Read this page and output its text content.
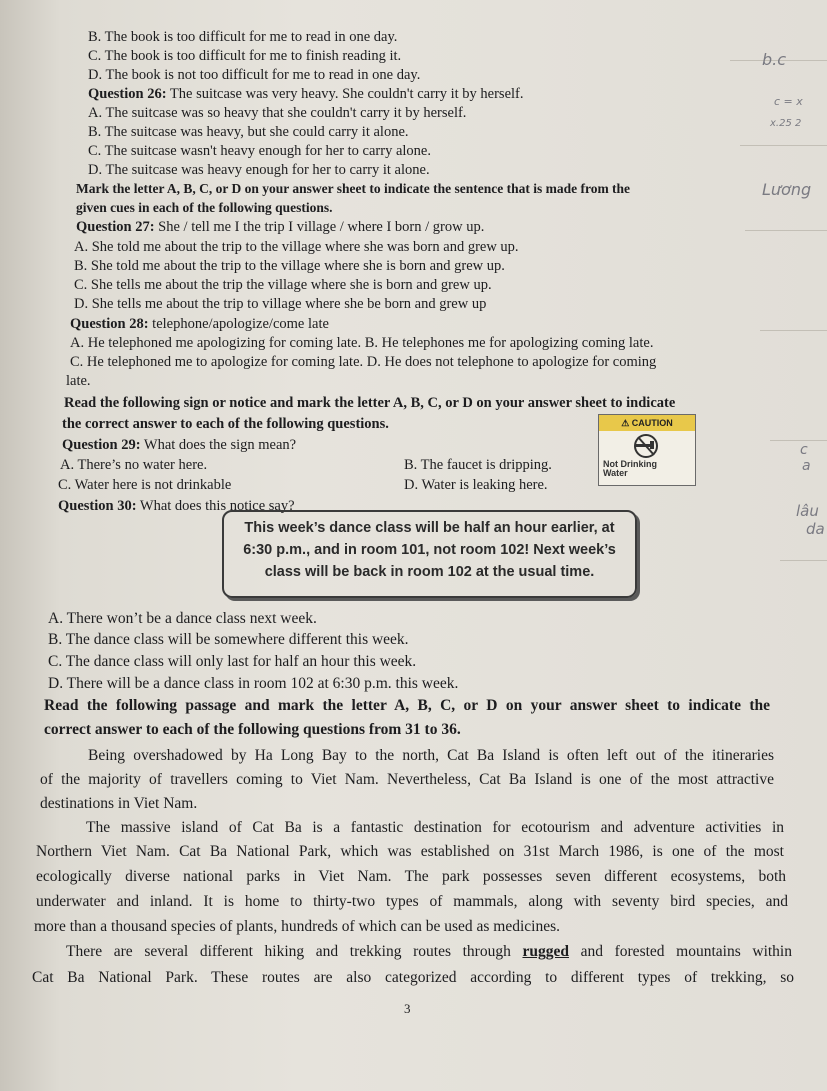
b.c
c = x
x.25 2
Lương
c
a
lâu
da
B. The book is too difficult for me to read in one day.
C. The book is too difficult for me to finish reading it.
D. The book is not too difficult for me to read in one day.
Question 26: The suitcase was very heavy. She couldn't carry it by herself.
A. The suitcase was so heavy that she couldn't carry it by herself.
B. The suitcase was heavy, but she could carry it alone.
C. The suitcase wasn't heavy enough for her to carry alone.
D. The suitcase was heavy enough for her to carry it alone.
Mark the letter A, B, C, or D on your answer sheet to indicate the sentence that is made from the
given cues in each of the following questions.
Question 27: She / tell me I the trip I village / where I born / grow up.
A. She told me about the trip to the village where she was born and grew up.
B. She told me about the trip to the village where she is born and grew up.
C. She tells me about the trip the village where she is born and grew up.
D. She tells me about the trip to village where she be born and grew up
Question 28: telephone/apologize/come late
A. He telephoned me apologizing for coming late. B. He telephones me for apologizing coming late.
C. He telephoned me to apologize for coming late. D. He does not telephone to apologize for coming
late.
Read the following sign or notice and mark the letter A, B, C, or D on your answer sheet to indicate
the correct answer to each of the following questions.
Question 29: What does the sign mean?
A. There’s no water here.	B. The faucet is dripping.
C. Water here is not drinkable	D. Water is leaking here.
⚠ CAUTION
Not Drinking
Water
Question 30: What does this notice say?
This week’s dance class will be half an hour earlier, at
6:30 p.m., and in room 101, not room 102! Next week’s
class will be back in room 102 at the usual time.
A. There won’t be a dance class next week.
B. The dance class will be somewhere different this week.
C. The dance class will only last for half an hour this week.
D. There will be a dance class in room 102 at 6:30 p.m. this week.
Read the following passage and mark the letter A, B, C, or D on your answer sheet to indicate the
correct answer to each of the following questions from 31 to 36.
Being overshadowed by Ha Long Bay to the north, Cat Ba Island is often left out of the itineraries
of the majority of travellers coming to Viet Nam. Nevertheless, Cat Ba Island is one of the most attractive
destinations in Viet Nam.
The massive island of Cat Ba is a fantastic destination for ecotourism and adventure activities in
Northern Viet Nam. Cat Ba National Park, which was established on 31st March 1986, is one of the most
ecologically diverse national parks in Viet Nam. The park possesses seven different ecosystems, both
underwater and inland. It is home to thirty-two types of mammals, along with seventy bird species, and
more than a thousand species of plants, hundreds of which can be used as medicines.
There are several different hiking and trekking routes through rugged and forested mountains within
Cat Ba National Park. These routes are also categorized according to different types of trekking, so
3
